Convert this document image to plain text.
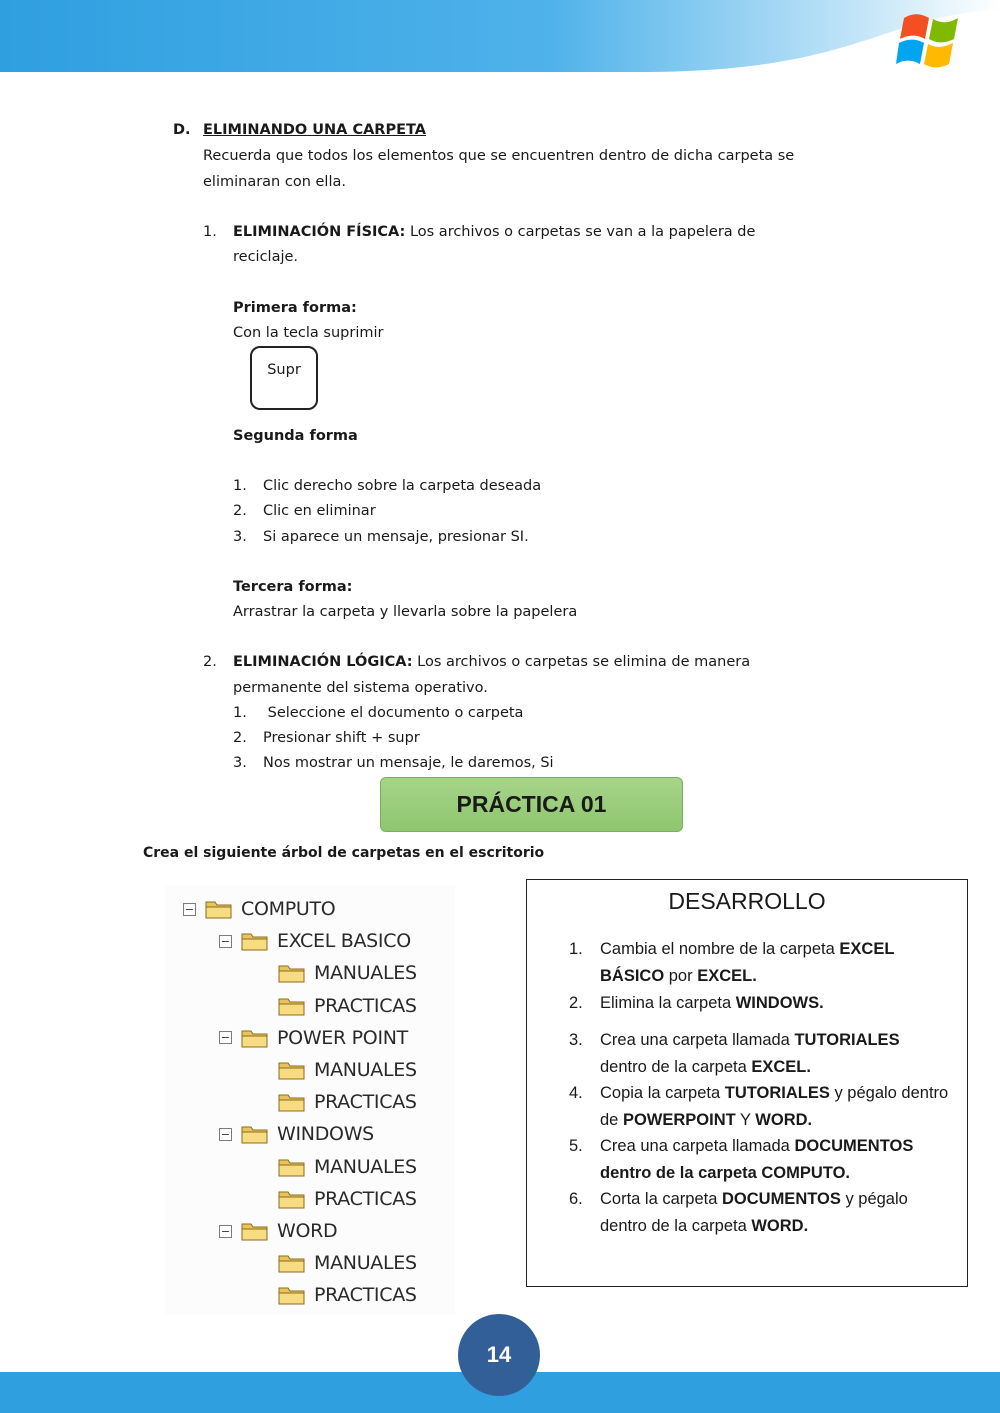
D. ELIMINANDO UNA CARPETA
Recuerda que todos los elementos que se encuentren dentro de dicha carpeta se
eliminaran con ella.
1. ELIMINACIÓN FÍSICA: Los archivos o carpetas se van a la papelera de
reciclaje.
Primera forma:
Con la tecla suprimir
Supr
Segunda forma
1. Clic derecho sobre la carpeta deseada
2. Clic en eliminar
3. Si aparece un mensaje, presionar SI.
Tercera forma:
Arrastrar la carpeta y llevarla sobre la papelera
2. ELIMINACIÓN LÓGICA: Los archivos o carpetas se elimina de manera
permanente del sistema operativo.
1. Seleccione el documento o carpeta
2. Presionar shift + supr
3. Nos mostrar un mensaje, le daremos, Si
PRÁCTICA 01
Crea el siguiente árbol de carpetas en el escritorio
− COMPUTO
− EXCEL BASICO
MANUALES
PRACTICAS
− POWER POINT
MANUALES
PRACTICAS
− WINDOWS
MANUALES
PRACTICAS
− WORD
MANUALES
PRACTICAS
DESARROLLO
1. Cambia el nombre de la carpeta EXCEL BÁSICO por EXCEL.
2. Elimina la carpeta WINDOWS.
3. Crea una carpeta llamada TUTORIALES dentro de la carpeta EXCEL.
4. Copia la carpeta TUTORIALES y pégalo dentro de POWERPOINT Y WORD.
5. Crea una carpeta llamada DOCUMENTOS dentro de la carpeta COMPUTO.
6. Corta la carpeta DOCUMENTOS y pégalo dentro de la carpeta WORD.
14
